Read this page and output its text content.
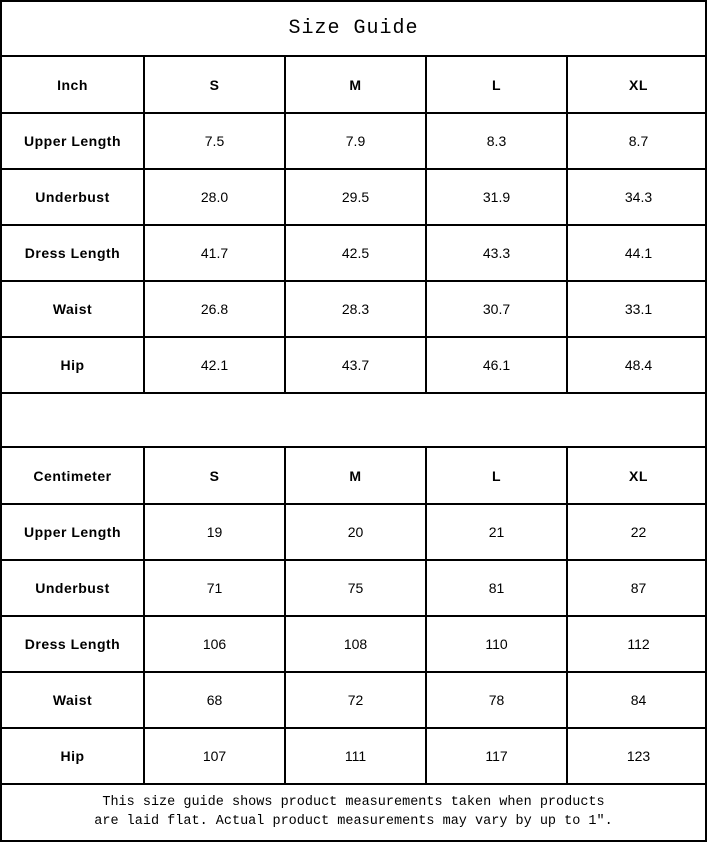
Size Guide
Inch	S	M	L	XL
Upper Length	7.5	7.9	8.3	8.7
Underbust	28.0	29.5	31.9	34.3
Dress Length	41.7	42.5	43.3	44.1
Waist	26.8	28.3	30.7	33.1
Hip	42.1	43.7	46.1	48.4
Centimeter	S	M	L	XL
Upper Length	19	20	21	22
Underbust	71	75	81	87
Dress Length	106	108	110	112
Waist	68	72	78	84
Hip	107	111	117	123
This size guide shows product measurements taken when products
are laid flat. Actual product measurements may vary by up to 1″.
